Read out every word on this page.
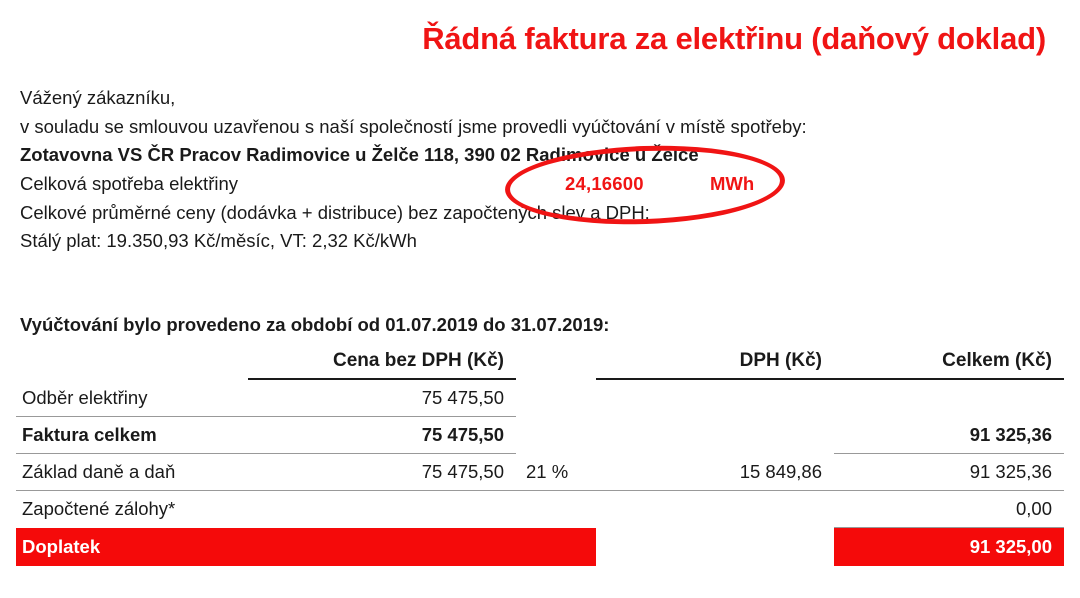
Řádná faktura za elektřinu (daňový doklad)
Vážený zákazníku,
v souladu se smlouvou uzavřenou s naší společností jsme provedli vyúčtování v místě spotřeby:
Zotavovna VS ČR Pracov Radimovice u Želče 118, 390 02 Radimovice u Želče
Celková spotřeba elektřiny	24,16600	MWh
Celkové průměrné ceny (dodávka + distribuce) bez započtených slev a DPH:
Stálý plat: 19.350,93 Kč/měsíc, VT: 2,32 Kč/kWh
Vyúčtování bylo provedeno za období od 01.07.2019 do 31.07.2019:
	Cena bez DPH (Kč)		DPH (Kč)	Celkem (Kč)
Odběr elektřiny	75 475,50			
Faktura celkem	75 475,50			91 325,36
Základ daně a daň	75 475,50	21 %	15 849,86	91 325,36
Započtené zálohy*				0,00
Doplatek				91 325,00
